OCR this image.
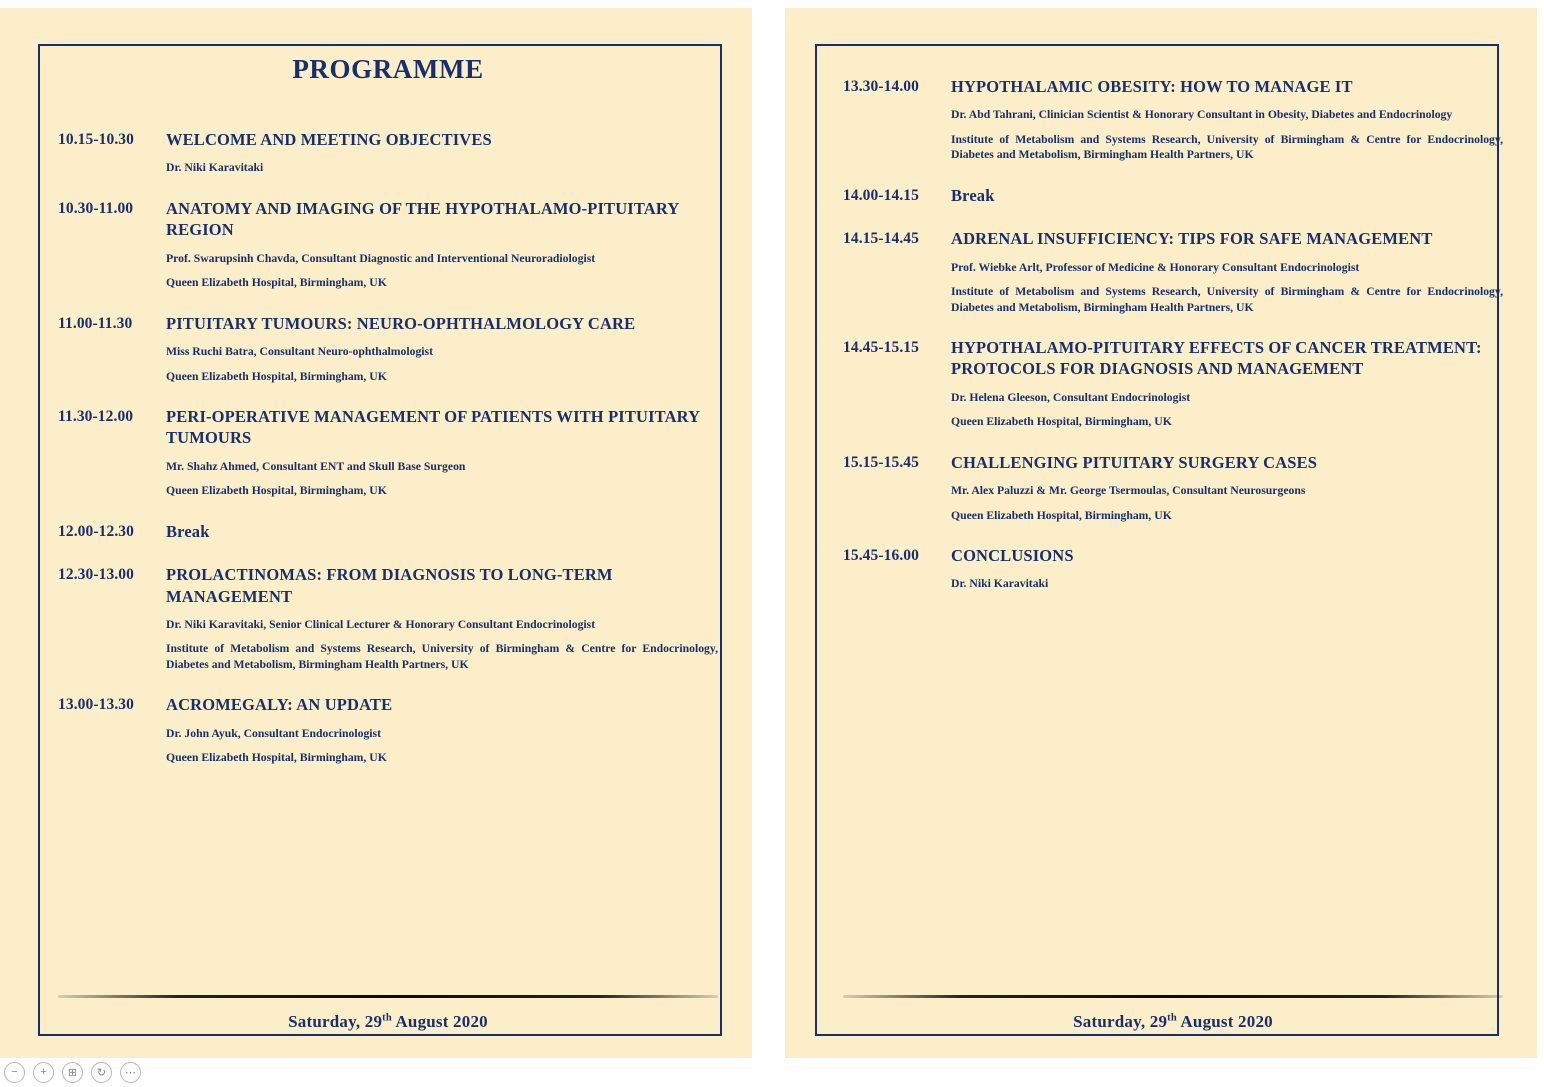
PROGRAMME
10.15-10.30	WELCOME AND MEETING OBJECTIVES
Dr. Niki Karavitaki
10.30-11.00	ANATOMY AND IMAGING OF THE HYPOTHALAMO-PITUITARY REGION
Prof. Swarupsinh Chavda, Consultant Diagnostic and Interventional Neuroradiologist
Queen Elizabeth Hospital, Birmingham, UK
11.00-11.30	PITUITARY TUMOURS: NEURO-OPHTHALMOLOGY CARE
Miss Ruchi Batra, Consultant Neuro-ophthalmologist
Queen Elizabeth Hospital, Birmingham, UK
11.30-12.00	PERI-OPERATIVE MANAGEMENT OF PATIENTS WITH PITUITARY TUMOURS
Mr. Shahz Ahmed, Consultant ENT and Skull Base Surgeon
Queen Elizabeth Hospital, Birmingham, UK
12.00-12.30	Break
12.30-13.00	PROLACTINOMAS: FROM DIAGNOSIS TO LONG-TERM MANAGEMENT
Dr. Niki Karavitaki, Senior Clinical Lecturer & Honorary Consultant Endocrinologist
Institute of Metabolism and Systems Research, University of Birmingham & Centre for Endocrinology, Diabetes and Metabolism, Birmingham Health Partners, UK
13.00-13.30	ACROMEGALY: AN UPDATE
Dr. John Ayuk, Consultant Endocrinologist
Queen Elizabeth Hospital, Birmingham, UK
Saturday, 29th August 2020
13.30-14.00	HYPOTHALAMIC OBESITY: HOW TO MANAGE IT
Dr. Abd Tahrani, Clinician Scientist & Honorary Consultant in Obesity, Diabetes and Endocrinology
Institute of Metabolism and Systems Research, University of Birmingham & Centre for Endocrinology, Diabetes and Metabolism, Birmingham Health Partners, UK
14.00-14.15	Break
14.15-14.45	ADRENAL INSUFFICIENCY: TIPS FOR SAFE MANAGEMENT
Prof. Wiebke Arlt, Professor of Medicine & Honorary Consultant Endocrinologist
Institute of Metabolism and Systems Research, University of Birmingham & Centre for Endocrinology, Diabetes and Metabolism, Birmingham Health Partners, UK
14.45-15.15	HYPOTHALAMO-PITUITARY EFFECTS OF CANCER TREATMENT: PROTOCOLS FOR DIAGNOSIS AND MANAGEMENT
Dr. Helena Gleeson, Consultant Endocrinologist
Queen Elizabeth Hospital, Birmingham, UK
15.15-15.45	CHALLENGING PITUITARY SURGERY CASES
Mr. Alex Paluzzi & Mr. George Tsermoulas, Consultant Neurosurgeons
Queen Elizabeth Hospital, Birmingham, UK
15.45-16.00	CONCLUSIONS
Dr. Niki Karavitaki
Saturday, 29th August 2020
−	+	⊞	↻	⋯
